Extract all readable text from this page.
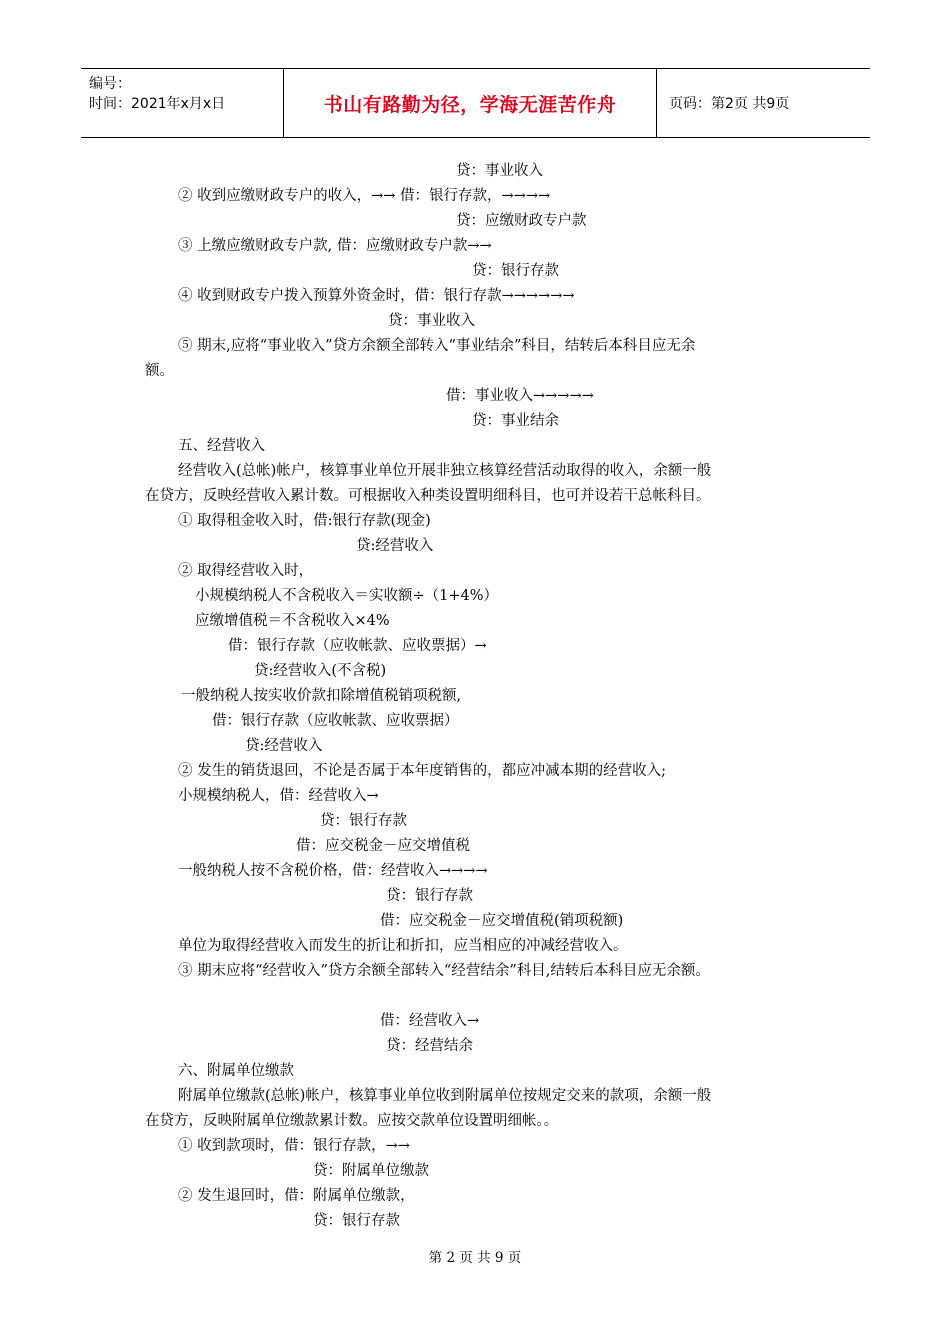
编号：
时间：2021年x月x日	书山有路勤为径，学海无涯苦作舟	页码：第2页 共9页
贷：事业收入
② 收到应缴财政专户的收入，→→ 借：银行存款，→→→→
贷：应缴财政专户款
③ 上缴应缴财政专户款, 借：应缴财政专户款→→
贷：银行存款
④ 收到财政专户拨入预算外资金时，借：银行存款→→→→→→
贷：事业收入
⑤ 期末,应将“事业收入”贷方余额全部转入“事业结余”科目，结转后本科目应无余
额。
借：事业收入→→→→→
贷：事业结余
五、经营收入
经营收入(总帐)帐户，核算事业单位开展非独立核算经营活动取得的收入，余额一般
在贷方，反映经营收入累计数。可根据收入种类设置明细科目，也可并设若干总帐科目。
① 取得租金收入时，借:银行存款(现金)
贷:经营收入
② 取得经营收入时，
小规模纳税人不含税收入＝实收额÷（1+4%）
应缴增值税＝不含税收入×4%
借：银行存款（应收帐款、应收票据）→
贷:经营收入(不含税)
一般纳税人按实收价款扣除增值税销项税额,
借：银行存款（应收帐款、应收票据）
贷:经营收入
② 发生的销货退回，不论是否属于本年度销售的，都应冲减本期的经营收入;
小规模纳税人，借：经营收入→
贷：银行存款
借：应交税金－应交增值税
一般纳税人按不含税价格，借：经营收入→→→→
贷：银行存款
借：应交税金－应交增值税(销项税额)
单位为取得经营收入而发生的折让和折扣，应当相应的冲减经营收入。
③ 期末应将“经营收入”贷方余额全部转入“经营结余”科目,结转后本科目应无余额。
借：经营收入→
贷：经营结余
六、附属单位缴款
附属单位缴款(总帐)帐户，核算事业单位收到附属单位按规定交来的款项，余额一般
在贷方，反映附属单位缴款累计数。应按交款单位设置明细帐。。
① 收到款项时，借：银行存款，→→
贷：附属单位缴款
② 发生退回时，借：附属单位缴款，
贷：银行存款
第 2 页 共 9 页
